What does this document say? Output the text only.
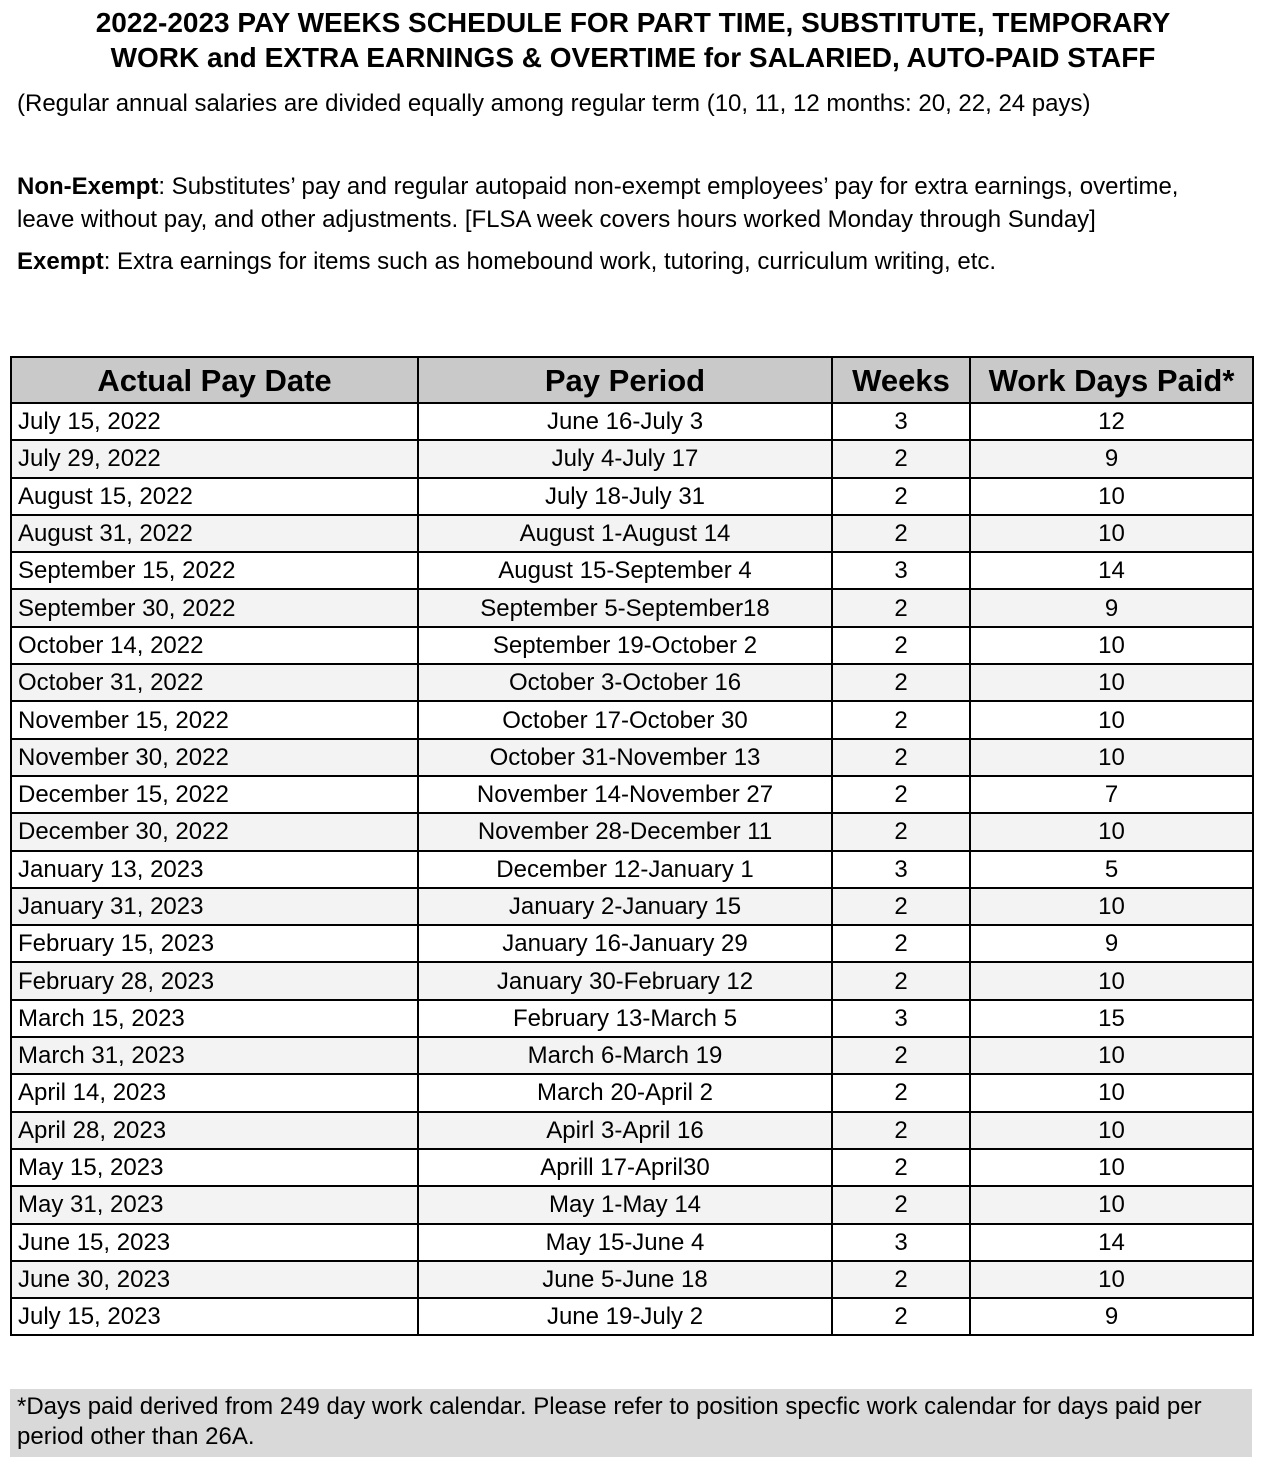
2022-2023 PAY WEEKS SCHEDULE FOR PART TIME, SUBSTITUTE, TEMPORARY
WORK and EXTRA EARNINGS & OVERTIME for SALARIED, AUTO-PAID STAFF

(Regular annual salaries are divided equally among regular term (10, 11, 12 months: 20, 22, 24 pays)

Non-Exempt: Substitutes’ pay and regular autopaid non-exempt employees’ pay for extra earnings, overtime, leave without pay, and other adjustments. [FLSA week covers hours worked Monday through Sunday]

Exempt: Extra earnings for items such as homebound work, tutoring, curriculum writing, etc.

Actual Pay Date	Pay Period	Weeks	Work Days Paid*
July 15, 2022	June 16-July 3	3	12
July 29, 2022	July 4-July 17	2	9
August 15, 2022	July 18-July 31	2	10
August 31, 2022	August 1-August 14	2	10
September 15, 2022	August 15-September 4	3	14
September 30, 2022	September 5-September18	2	9
October 14, 2022	September 19-October 2	2	10
October 31, 2022	October 3-October 16	2	10
November 15, 2022	October 17-October 30	2	10
November 30, 2022	October 31-November 13	2	10
December 15, 2022	November 14-November 27	2	7
December 30, 2022	November 28-December 11	2	10
January 13, 2023	December 12-January 1	3	5
January 31, 2023	January 2-January 15	2	10
February 15, 2023	January 16-January 29	2	9
February 28, 2023	January 30-February 12	2	10
March 15, 2023	February 13-March 5	3	15
March 31, 2023	March 6-March 19	2	10
April 14, 2023	March 20-April 2	2	10
April 28, 2023	Apirl 3-April 16	2	10
May 15, 2023	Aprill 17-April30	2	10
May 31, 2023	May 1-May 14	2	10
June 15, 2023	May 15-June 4	3	14
June 30, 2023	June 5-June 18	2	10
July 15, 2023	June 19-July 2	2	9
*Days paid derived from 249 day work calendar. Please refer to position specfic work calendar for days paid per period other than 26A.
